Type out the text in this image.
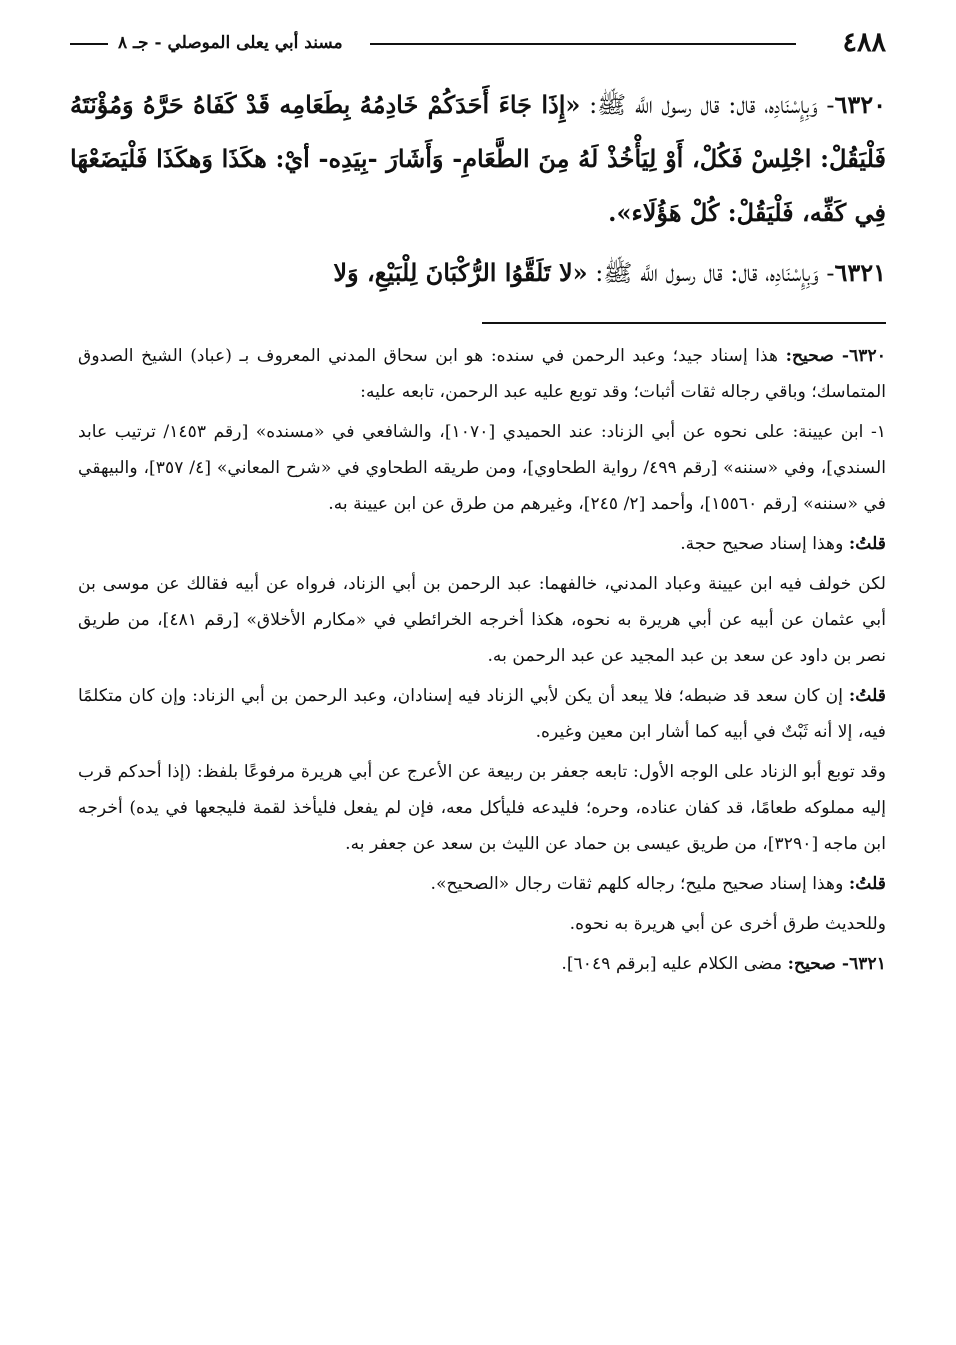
٤٨٨
مسند أبي يعلى الموصلي - جـ ٨

٦٣٢٠- وَبِإِسْنَادِه، قال: قال رسول اللَّه ﷺ: «إِذَا جَاءَ أَحَدَكُمْ خَادِمُهُ بِطَعَامِه قَدْ كَفَاهُ حَرَّهُ وَمُؤْنَتَهُ فَلْيَقُلْ: اجْلِسْ فَكُلْ، أَوْ لِيَأْخُذْ لَهُ مِنَ الطَّعَامِ- وَأَشَارَ -بِيَدِه- أيْ: هكَذَا وَهكَذَا فَلْيَضَعْهَا فِي كَفِّه، فَلْيَقُلْ: كُلْ هَؤُلَاء».

٦٣٢١- وَبِإِسْنَادِه، قال: قال رسول اللَّه ﷺ: «لا تَلَقَّوُا الرُّكْبَانَ لِلْبَيْعِ، وَلا

٦٣٢٠- صحيح: هذا إسناد جيد؛ وعبد الرحمن في سنده: هو ابن سحاق المدني المعروف بـ (عباد) الشيخ الصدوق المتماسك؛ وباقي رجاله ثقات أثبات؛ وقد توبع عليه عبد الرحمن، تابعه عليه:

١- ابن عيينة: على نحوه عن أبي الزناد: عند الحميدي [١٠٧٠]، والشافعي في «مسنده» [رقم ١٤٥٣/ ترتيب عابد السندي]، وفي «سننه» [رقم ٤٩٩/ رواية الطحاوي]، ومن طريقه الطحاوي في «شرح المعاني» [٤/ ٣٥٧]، والبيهقي في «سننه» [رقم ١٥٥٦٠]، وأحمد [٢/ ٢٤٥]، وغيرهم من طرق عن ابن عيينة به.

قلتُ: وهذا إسناد صحيح حجة.

لكن خولف فيه ابن عيينة وعباد المدني، خالفهما: عبد الرحمن بن أبي الزناد، فرواه عن أبيه فقالك عن موسى بن أبي عثمان عن أبيه عن أبي هريرة به نحوه، هكذا أخرجه الخرائطي في «مكارم الأخلاق» [رقم ٤٨١]، من طريق نصر بن داود عن سعد بن عبد المجيد عن عبد الرحمن به.

قلتُ: إن كان سعد قد ضبطه؛ فلا يبعد أن يكن لأبي الزناد فيه إسنادان، وعبد الرحمن بن أبي الزناد: وإن كان متكلمًا فيه، إلا أنه ثَبْتٌ في أبيه كما أشار ابن معين وغيره.

وقد توبع أبو الزناد على الوجه الأول: تابعه جعفر بن ربيعة عن الأعرج عن أبي هريرة مرفوعًا بلفظ: (إذا أحدكم قرب إليه مملوكه طعامًا، قد كفان عناده، وحره؛ فليدعه فليأكل معه، فإن لم يفعل فليأخذ لقمة فليجعها في يده) أخرجه ابن ماجه [٣٢٩٠]، من طريق عيسى بن حماد عن الليث بن سعد عن جعفر به.

قلتُ: وهذا إسناد صحيح مليح؛ رجاله كلهم ثقات رجال «الصحيح».

وللحديث طرق أخرى عن أبي هريرة به نحوه.

٦٣٢١- صحيح: مضى الكلام عليه [برقم ٦٠٤٩].
